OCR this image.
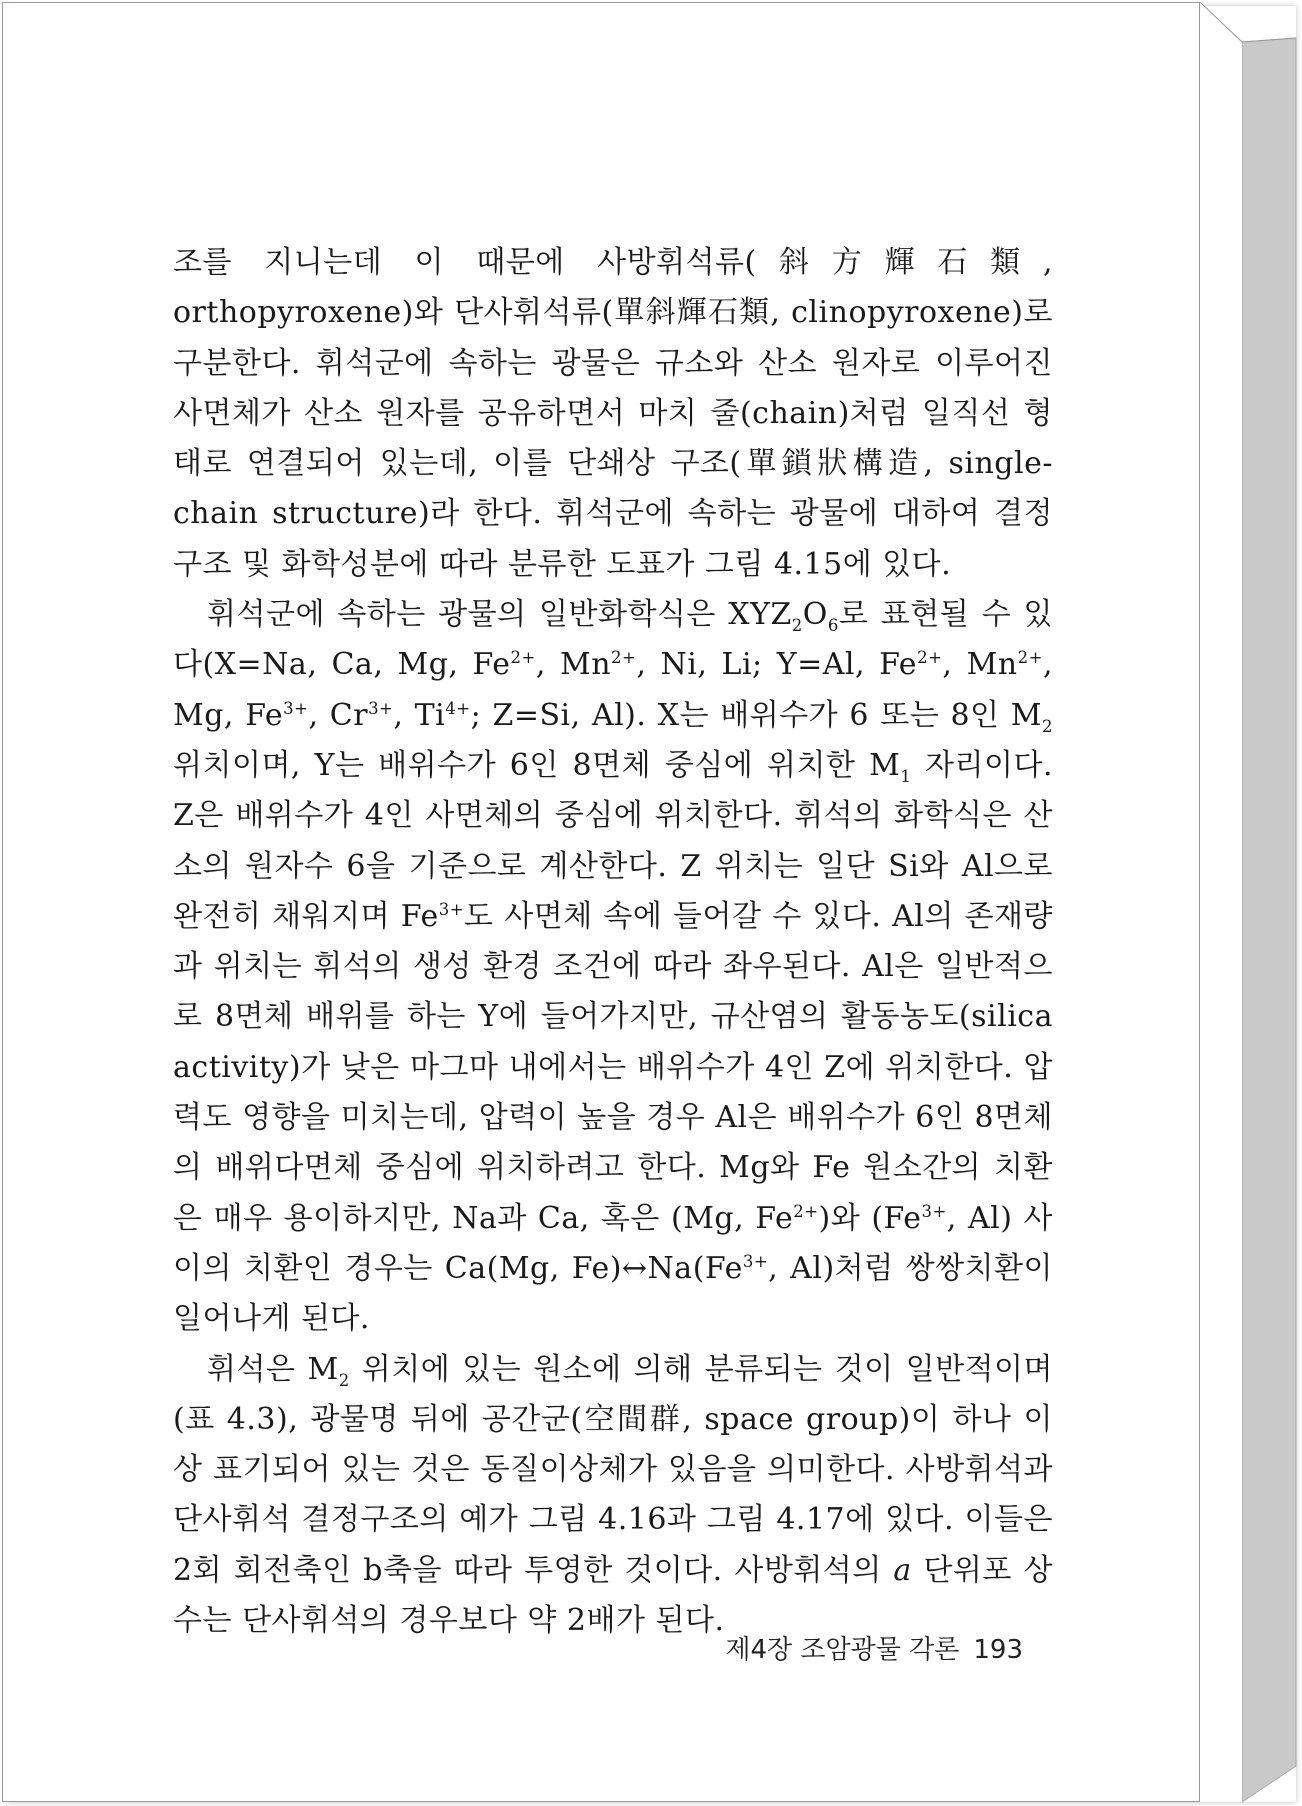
조를 지니는데 이 때문에 사방휘석류(斜方輝石類, orthopyroxene)와 단사휘석류(單斜輝石類, clinopyroxene)로 구분한다. 휘석군에 속하는 광물은 규소와 산소 원자로 이루어진 사면체가 산소 원자를 공유하면서 마치 줄(chain)처럼 일직선 형태로 연결되어 있는데, 이를 단쇄상 구조(單鎖狀構造, single-chain structure)라 한다. 휘석군에 속하는 광물에 대하여 결정구조 및 화학성분에 따라 분류한 도표가 그림 4.15에 있다.

휘석군에 속하는 광물의 일반화학식은 $XYZ_2O_6$로 표현될 수 있다(X=Na, Ca, Mg, $Fe^{2+}$, $Mn^{2+}$, Ni, Li; Y=Al, $Fe^{2+}$, $Mn^{2+}$, Mg, $Fe^{3+}$, $Cr^{3+}$, $Ti^{4+}$; Z=Si, Al). X는 배위수가 6 또는 8인 $M_2$ 위치이며, Y는 배위수가 6인 8면체 중심에 위치한 $M_1$ 자리이다. Z은 배위수가 4인 사면체의 중심에 위치한다. 휘석의 화학식은 산소의 원자수 6을 기준으로 계산한다. Z 위치는 일단 Si와 Al으로 완전히 채워지며 $Fe^{3+}$도 사면체 속에 들어갈 수 있다. Al의 존재량과 위치는 휘석의 생성 환경 조건에 따라 좌우된다. Al은 일반적으로 8면체 배위를 하는 Y에 들어가지만, 규산염의 활동농도(silica activity)가 낮은 마그마 내에서는 배위수가 4인 Z에 위치한다. 압력도 영향을 미치는데, 압력이 높을 경우 Al은 배위수가 6인 8면체의 배위다면체 중심에 위치하려고 한다. Mg와 Fe 원소간의 치환은 매우 용이하지만, Na과 Ca, 혹은 (Mg, $Fe^{2+}$)와 ($Fe^{3+}$, Al) 사이의 치환인 경우는 Ca(Mg, $Fe)\leftrightarrow Na(Fe^{3+}$, Al)처럼 쌍쌍치환이 일어나게 된다.

휘석은 $M_2$ 위치에 있는 원소에 의해 분류되는 것이 일반적이며(표 4.3), 광물명 뒤에 공간군(空間群, space group)이 하나 이상 표기되어 있는 것은 동질이상체가 있음을 의미한다. 사방휘석과 단사휘석 결정구조의 예가 그림 4.16과 그림 4.17에 있다. 이들은 2회 회전축인 b축을 따라 투영한 것이다. 사방휘석의 a 단위포 상수는 단사휘석의 경우보다 약 2배가 된다.

제4장 조암광물 각론 193
